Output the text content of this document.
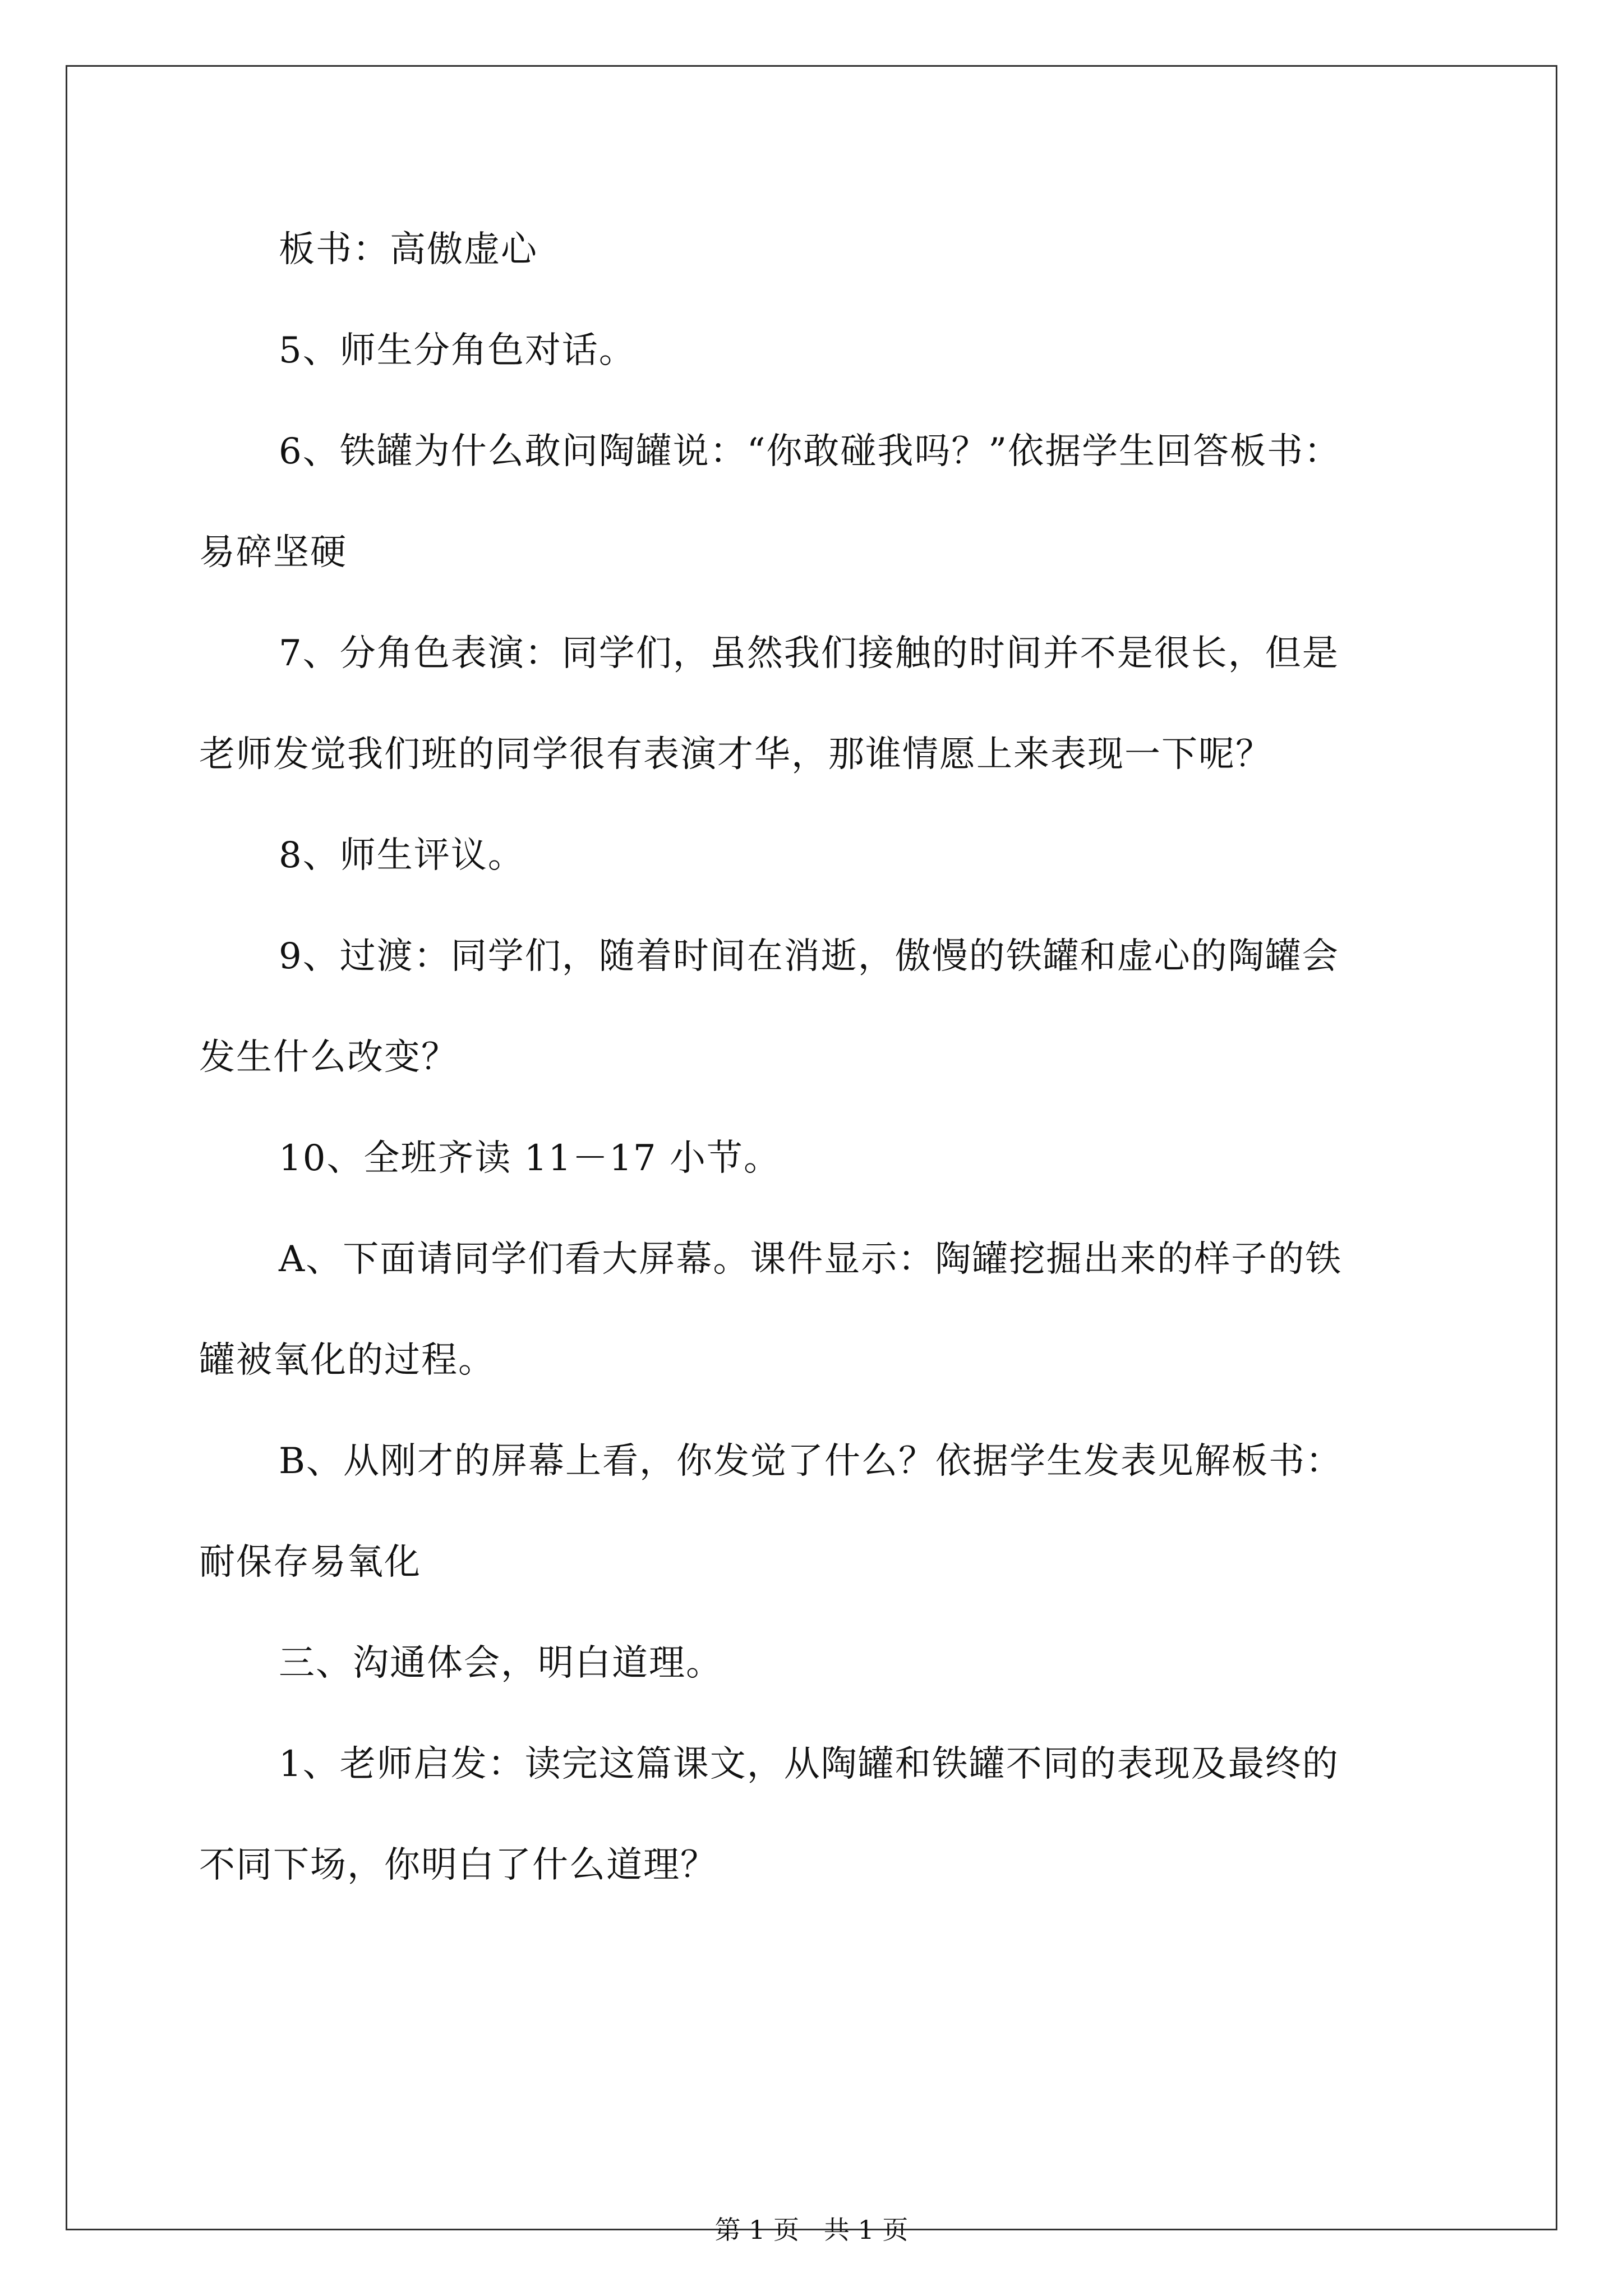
板书：高傲虚心
5、师生分角色对话。
6、铁罐为什么敢问陶罐说：“你敢碰我吗？”依据学生回答板书：
易碎坚硬
7、分角色表演：同学们，虽然我们接触的时间并不是很长，但是
老师发觉我们班的同学很有表演才华，那谁情愿上来表现一下呢？
8、师生评议。
9、过渡：同学们，随着时间在消逝，傲慢的铁罐和虚心的陶罐会
发生什么改变？
10、全班齐读 11－17 小节。
A、下面请同学们看大屏幕。课件显示：陶罐挖掘出来的样子的铁
罐被氧化的过程。
B、从刚才的屏幕上看，你发觉了什么？依据学生发表见解板书：
耐保存易氧化
三、沟通体会，明白道理。
1、老师启发：读完这篇课文，从陶罐和铁罐不同的表现及最终的
不同下场，你明白了什么道理？
第 1 页   共 1 页
